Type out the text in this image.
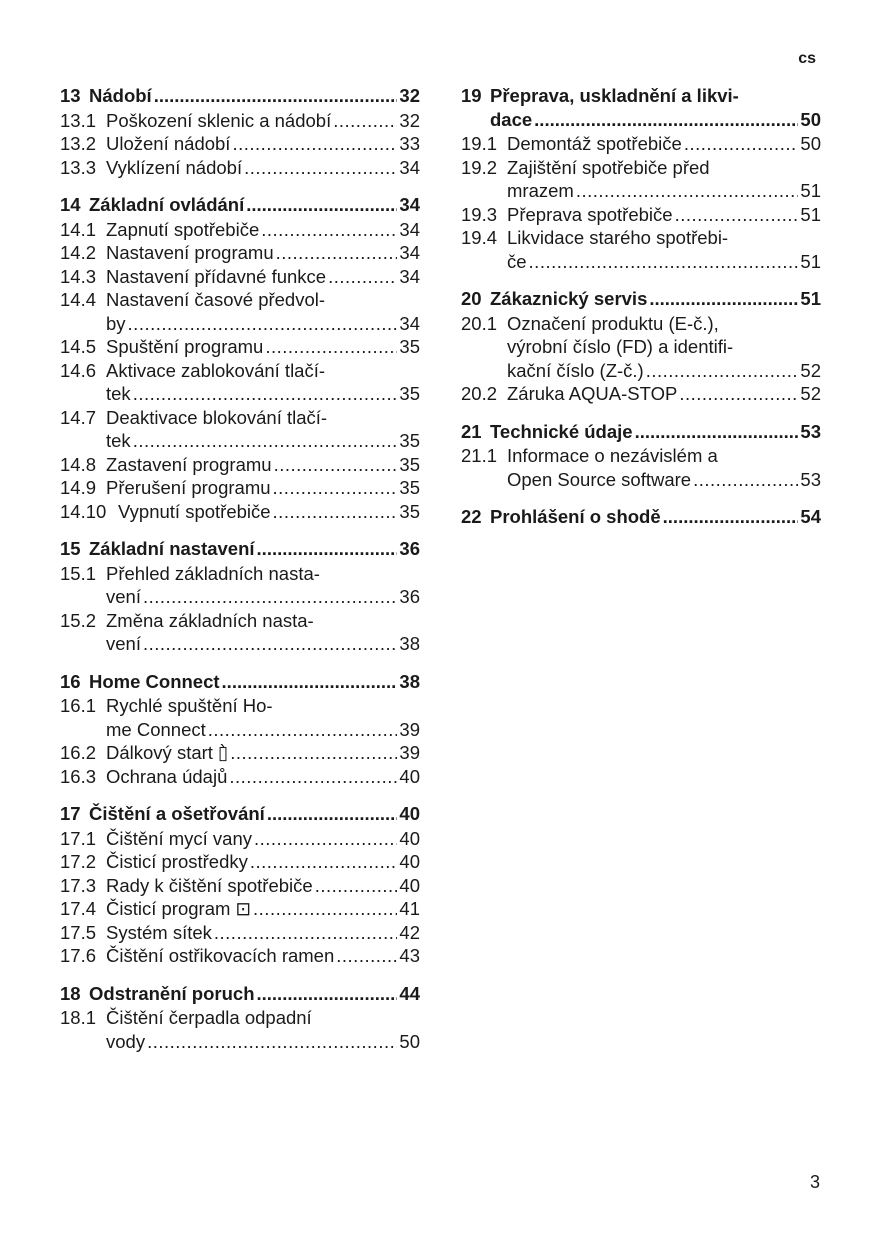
cs
13 Nádobí .....	32
13.1 Poškození sklenic a nádobí .....	32
13.2 Uložení nádobí .....	33
13.3 Vyklízení nádobí .....	34
14 Základní ovládání .....	34
14.1 Zapnutí spotřebiče .....	34
14.2 Nastavení programu .....	34
14.3 Nastavení přídavné funkce .....	34
14.4 Nastavení časové předvol-
by .....	34
14.5 Spuštění programu .....	35
14.6 Aktivace zablokování tlačí-
tek .....	35
14.7 Deaktivace blokování tlačí-
tek .....	35
14.8 Zastavení programu .....	35
14.9 Přerušení programu .....	35
14.10 Vypnutí spotřebiče .....	35
15 Základní nastavení .....	36
15.1 Přehled základních nasta-
vení .....	36
15.2 Změna základních nasta-
vení .....	38
16 Home Connect .....	38
16.1 Rychlé spuštění Ho-
me Connect .....	39
16.2 Dálkový start ▯̀ .....	39
16.3 Ochrana údajů .....	40
17 Čištění a ošetřování .....	40
17.1 Čištění mycí vany .....	40
17.2 Čisticí prostředky .....	40
17.3 Rady k čištění spotřebiče .....	40
17.4 Čisticí program ⊡ .....	41
17.5 Systém sítek .....	42
17.6 Čištění ostřikovacích ramen .....	43
18 Odstranění poruch .....	44
18.1 Čištění čerpadla odpadní
vody .....	50
19 Přeprava, uskladnění a likvi-
dace .....	50
19.1 Demontáž spotřebiče .....	50
19.2 Zajištění spotřebiče před
mrazem .....	51
19.3 Přeprava spotřebiče .....	51
19.4 Likvidace starého spotřebi-
če .....	51
20 Zákaznický servis .....	51
20.1 Označení produktu (E-č.),
výrobní číslo (FD) a identifi-
kační číslo (Z-č.) .....	52
20.2 Záruka AQUA-STOP .....	52
21 Technické údaje .....	53
21.1 Informace o nezávislém a
Open Source software .....	53
22 Prohlášení o shodě .....	54
3
